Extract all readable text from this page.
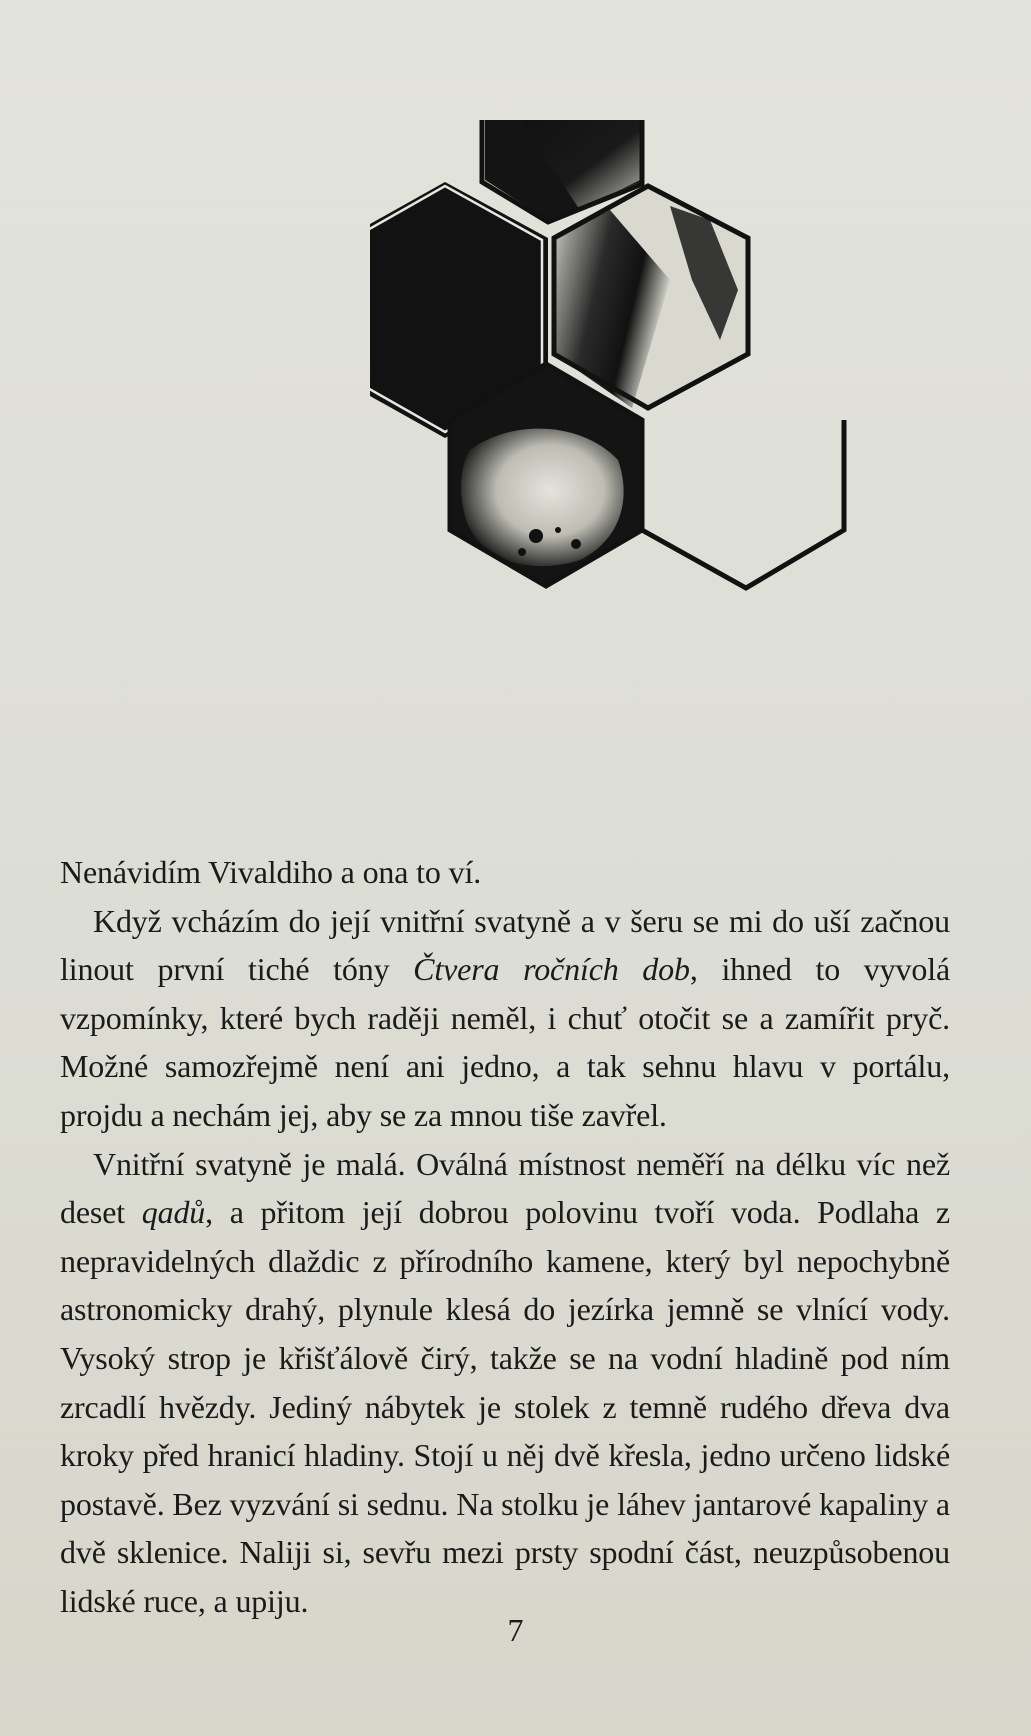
Nenávidím Vivaldiho a ona to ví.

Když vcházím do její vnitřní svatyně a v šeru se mi do uší začnou linout první tiché tóny Čtvera ročních dob, ihned to vyvolá vzpomínky, které bych raději neměl, i chuť otočit se a zamířit pryč. Možné samozřejmě není ani jedno, a tak sehnu hlavu v portálu, projdu a nechám jej, aby se za mnou tiše zavřel.

Vnitřní svatyně je malá. Oválná místnost neměří na délku víc než deset qadů, a přitom její dobrou polovinu tvoří voda. Podlaha z nepravidelných dlaždic z přírodního kamene, který byl nepochybně astronomicky drahý, plynule klesá do jezírka jemně se vlnící vody. Vysoký strop je křišťálově čirý, takže se na vodní hladině pod ním zrcadlí hvězdy. Jediný nábytek je stolek z temně rudého dřeva dva kroky před hranicí hladiny. Stojí u něj dvě křesla, jedno určeno lidské postavě. Bez vyzvání si sednu. Na stolku je láhev jantarové kapaliny a dvě sklenice. Naliji si, sevřu mezi prsty spodní část, neuzpůsobenou lidské ruce, a upiju.

7
